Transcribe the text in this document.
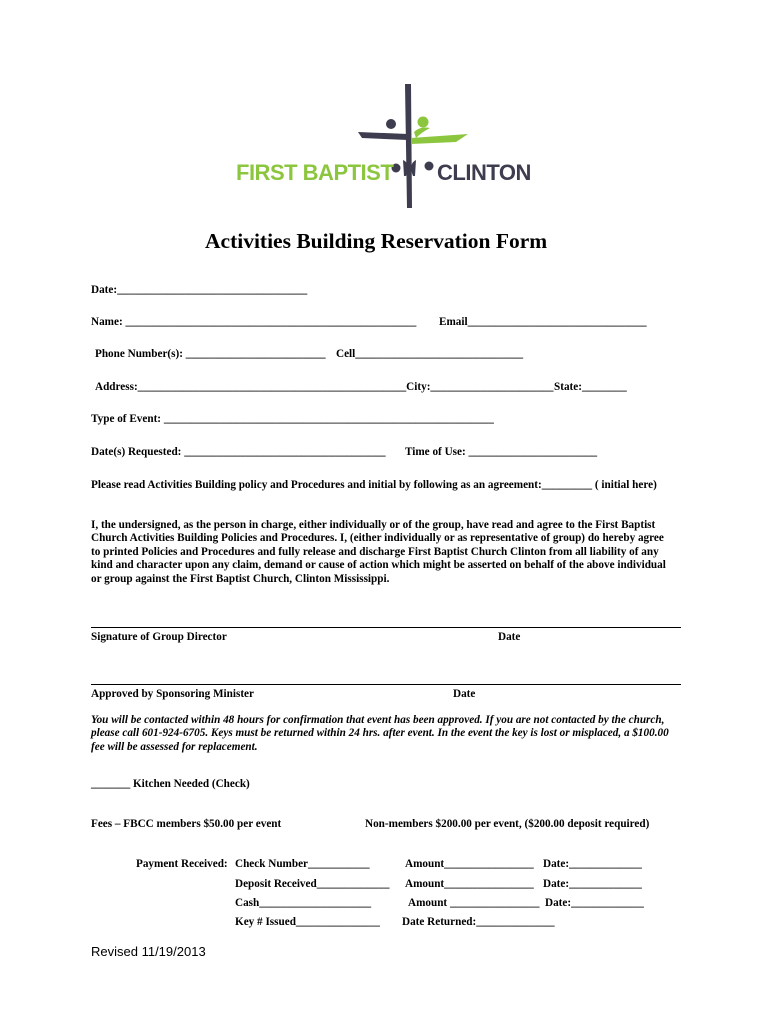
FIRST BAPTIST CLINTON
Activities Building Reservation Form
Date:__________________________________
Name: ____________________________________________________ Email________________________________
Phone Number(s): _________________________ Cell______________________________
Address:________________________________________________City:______________________ State:________
Type of Event: ___________________________________________________________
Date(s) Requested: ____________________________________ Time of Use: _______________________
Please read Activities Building policy and Procedures and initial by following as an agreement:_________ ( initial here)
I, the undersigned, as the person in charge, either individually or of the group, have read and agree to the First Baptist
Church Activities Building Policies and Procedures. I, (either individually or as representative of group) do hereby agree
to printed Policies and Procedures and fully release and discharge First Baptist Church Clinton from all liability of any
kind and character upon any claim, demand or cause of action which might be asserted on behalf of the above individual
or group against the First Baptist Church, Clinton Mississippi.
Signature of Group Director	Date
Approved by Sponsoring Minister	Date
You will be contacted within 48 hours for confirmation that event has been approved. If you are not contacted by the church,
please call 601-924-6705. Keys must be returned within 24 hrs. after event. In the event the key is lost or misplaced, a $100.00
fee will be assessed for replacement.
_______ Kitchen Needed (Check)
Fees – FBCC members $50.00 per event	Non-members $200.00 per event, ($200.00 deposit required)
Payment Received: Check Number___________	Amount________________ Date:_____________
Deposit Received_____________ Amount________________ Date:_____________
Cash____________________	Amount ________________ Date:_____________
Key # Issued_______________ Date Returned:______________
Revised 11/19/2013
